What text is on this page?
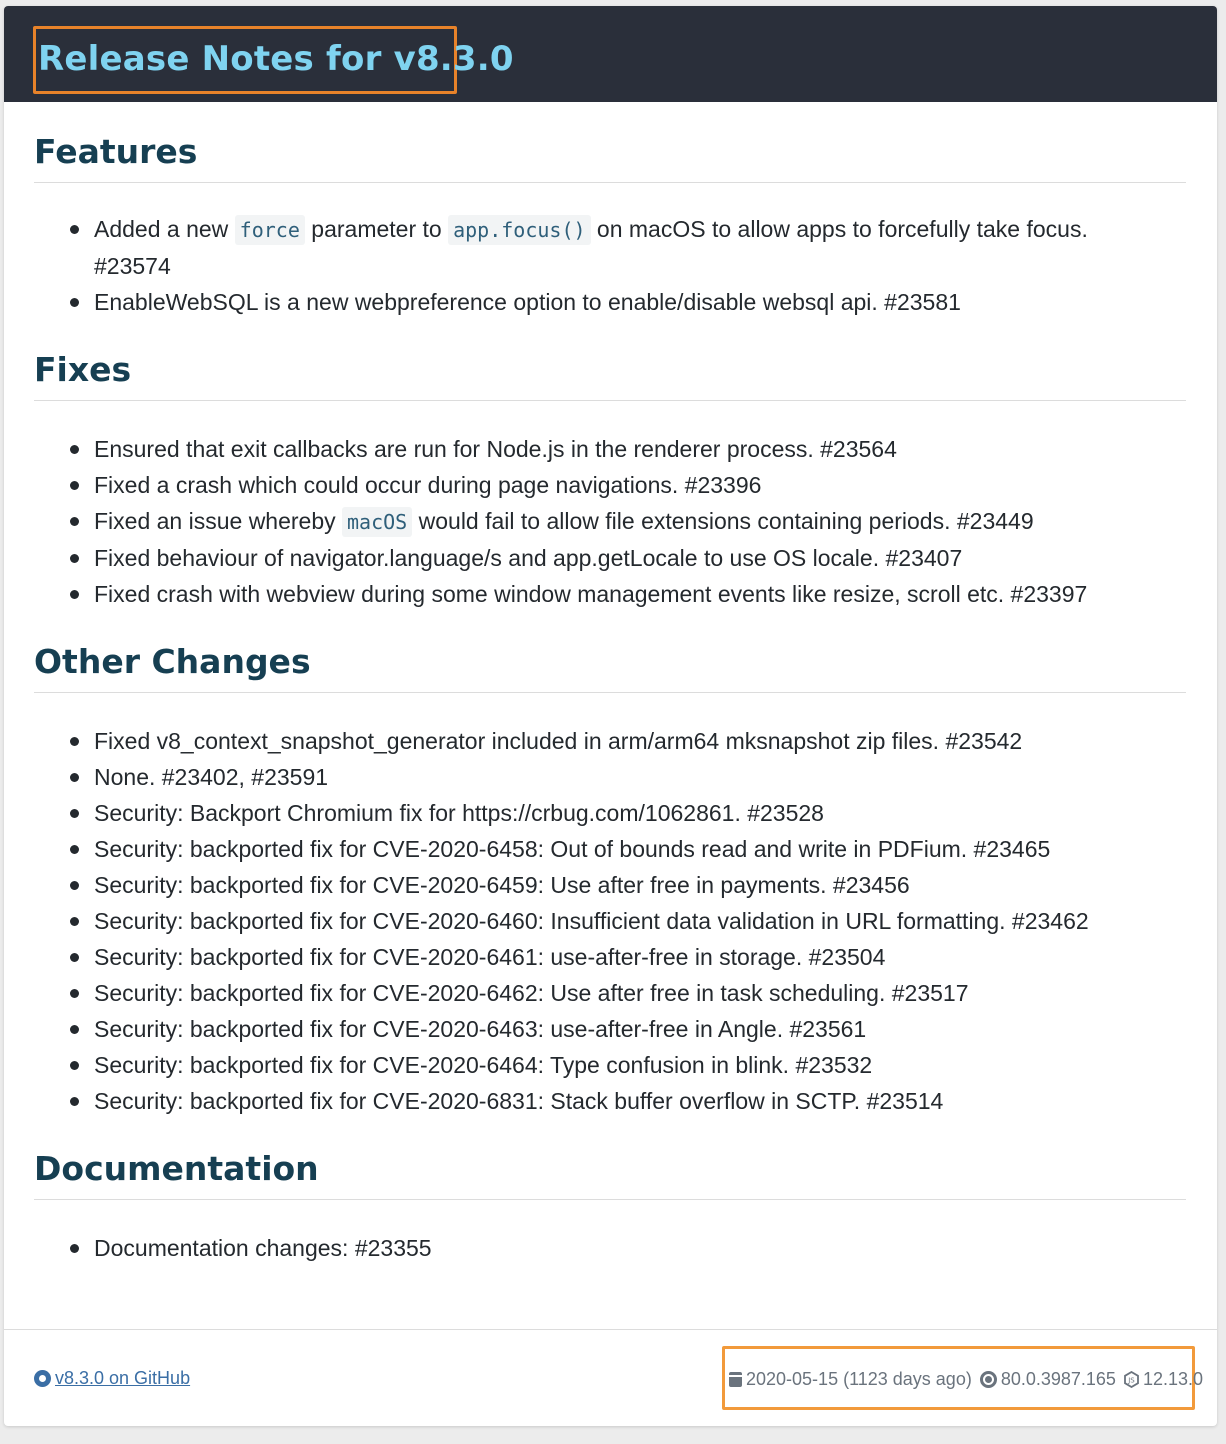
Release Notes for v8.3.0
Features
Added a new force parameter to app.focus() on macOS to allow apps to forcefully take focus. #23574
EnableWebSQL is a new webpreference option to enable/disable websql api. #23581
Fixes
Ensured that exit callbacks are run for Node.js in the renderer process. #23564
Fixed a crash which could occur during page navigations. #23396
Fixed an issue whereby macOS would fail to allow file extensions containing periods. #23449
Fixed behaviour of navigator.language/s and app.getLocale to use OS locale. #23407
Fixed crash with webview during some window management events like resize, scroll etc. #23397
Other Changes
Fixed v8_context_snapshot_generator included in arm/arm64 mksnapshot zip files. #23542
None. #23402, #23591
Security: Backport Chromium fix for https://crbug.com/1062861. #23528
Security: backported fix for CVE-2020-6458: Out of bounds read and write in PDFium. #23465
Security: backported fix for CVE-2020-6459: Use after free in payments. #23456
Security: backported fix for CVE-2020-6460: Insufficient data validation in URL formatting. #23462
Security: backported fix for CVE-2020-6461: use-after-free in storage. #23504
Security: backported fix for CVE-2020-6462: Use after free in task scheduling. #23517
Security: backported fix for CVE-2020-6463: use-after-free in Angle. #23561
Security: backported fix for CVE-2020-6464: Type confusion in blink. #23532
Security: backported fix for CVE-2020-6831: Stack buffer overflow in SCTP. #23514
Documentation
Documentation changes: #23355
v8.3.0 on GitHub	2020-05-15 (1123 days ago) 80.0.3987.165 JS 12.13.0
